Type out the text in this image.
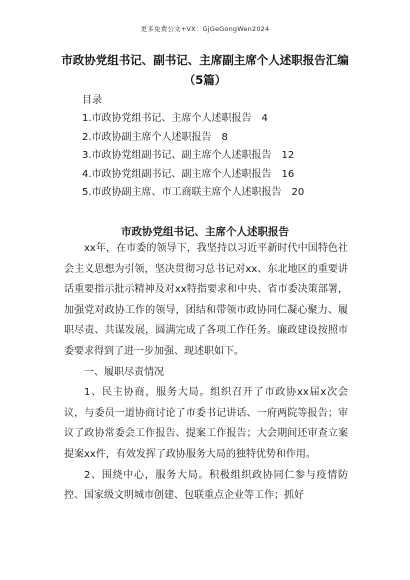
更多免费公文+VX：GjGeGongWen2024
市政协党组书记、副书记、主席副主席个人述职报告汇编
（5篇）
目录
1.市政协党组书记、主席个人述职报告 4
2.市政协副主席个人述职报告 8
3.市政协党组副书记、副主席个人述职报告 12
4.市政协党组副书记、副主席个人述职报告 16
5.市政协副主席、市工商联主席个人述职报告 20
市政协党组书记、主席个人述职报告

xx年，在市委的领导下，我坚持以习近平新时代中国特色社会主义思想为引领，坚决贯彻习总书记对xx、东北地区的重要讲话重要指示批示精神及对xx特指要求和中央、省市委决策部署，加强党对政协工作的领导，团结和带领市政协同仁凝心聚力、履职尽责、共谋发展，圆满完成了各项工作任务。廉政建设按照市委要求得到了进一步加强、现述职如下。

一、履职尽责情况

1、民主协商，服务大局。组织召开了市政协xx届x次会议，与委员一道协商讨论了市委书记讲话、一府两院等报告；审议了政协常委会工作报告、提案工作报告；大会期间还审查立案提案xx件，有效发挥了政协服务大局的独特优势和作用。

2、围绕中心，服务大局。积极组织政协同仁参与疫情防控、国家级文明城市创建、包联重点企业等工作；抓好
